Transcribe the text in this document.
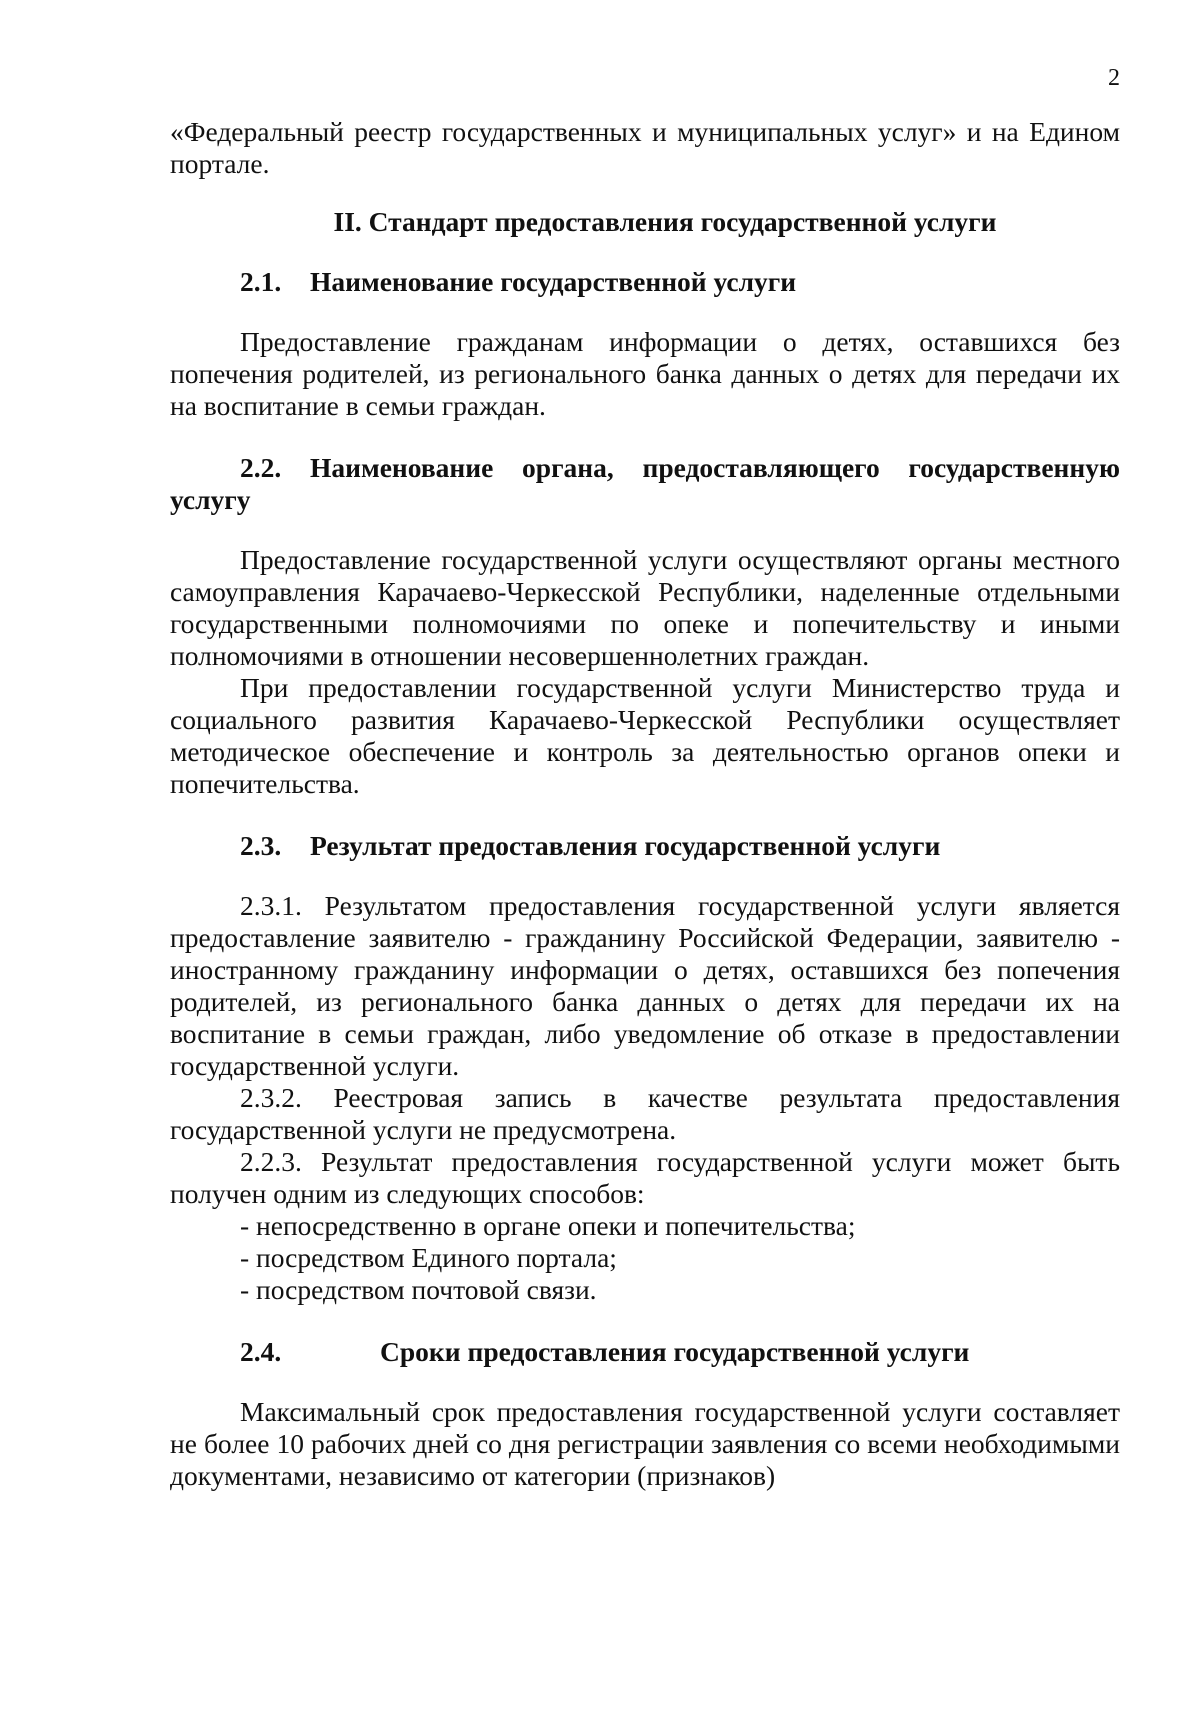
2

«Федеральный реестр государственных и муниципальных услуг» и на Едином портале.

II. Стандарт предоставления государственной услуги
2.1.	Наименование государственной услуги

Предоставление гражданам информации о детях, оставшихся без попечения родителей, из регионального банка данных о детях для передачи их на воспитание в семьи граждан.

2.2. Наименование органа, предоставляющего государственную услугу

Предоставление государственной услуги осуществляют органы местного самоуправления Карачаево-Черкесской Республики, наделенные отдельными государственными полномочиями по опеке и попечительству и иными полномочиями в отношении несовершеннолетних граждан.

При предоставлении государственной услуги Министерство труда и социального развития Карачаево-Черкесской Республики осуществляет методическое обеспечение и контроль за деятельностью органов опеки и попечительства.

2.3.	Результат предоставления государственной услуги

2.3.1. Результатом предоставления государственной услуги является предоставление заявителю - гражданину Российской Федерации, заявителю - иностранному гражданину информации о детях, оставшихся без попечения родителей, из регионального банка данных о детях для передачи их на воспитание в семьи граждан, либо уведомление об отказе в предоставлении государственной услуги.

2.3.2. Реестровая запись в качестве результата предоставления государственной услуги не предусмотрена.

2.2.3. Результат предоставления государственной услуги может быть получен одним из следующих способов:

- непосредственно в органе опеки и попечительства;

- посредством Единого портала;

- посредством почтовой связи.

2.4.	Сроки предоставления государственной услуги

Максимальный срок предоставления государственной услуги составляет не более 10 рабочих дней со дня регистрации заявления со всеми необходимыми документами, независимо от категории (признаков)
